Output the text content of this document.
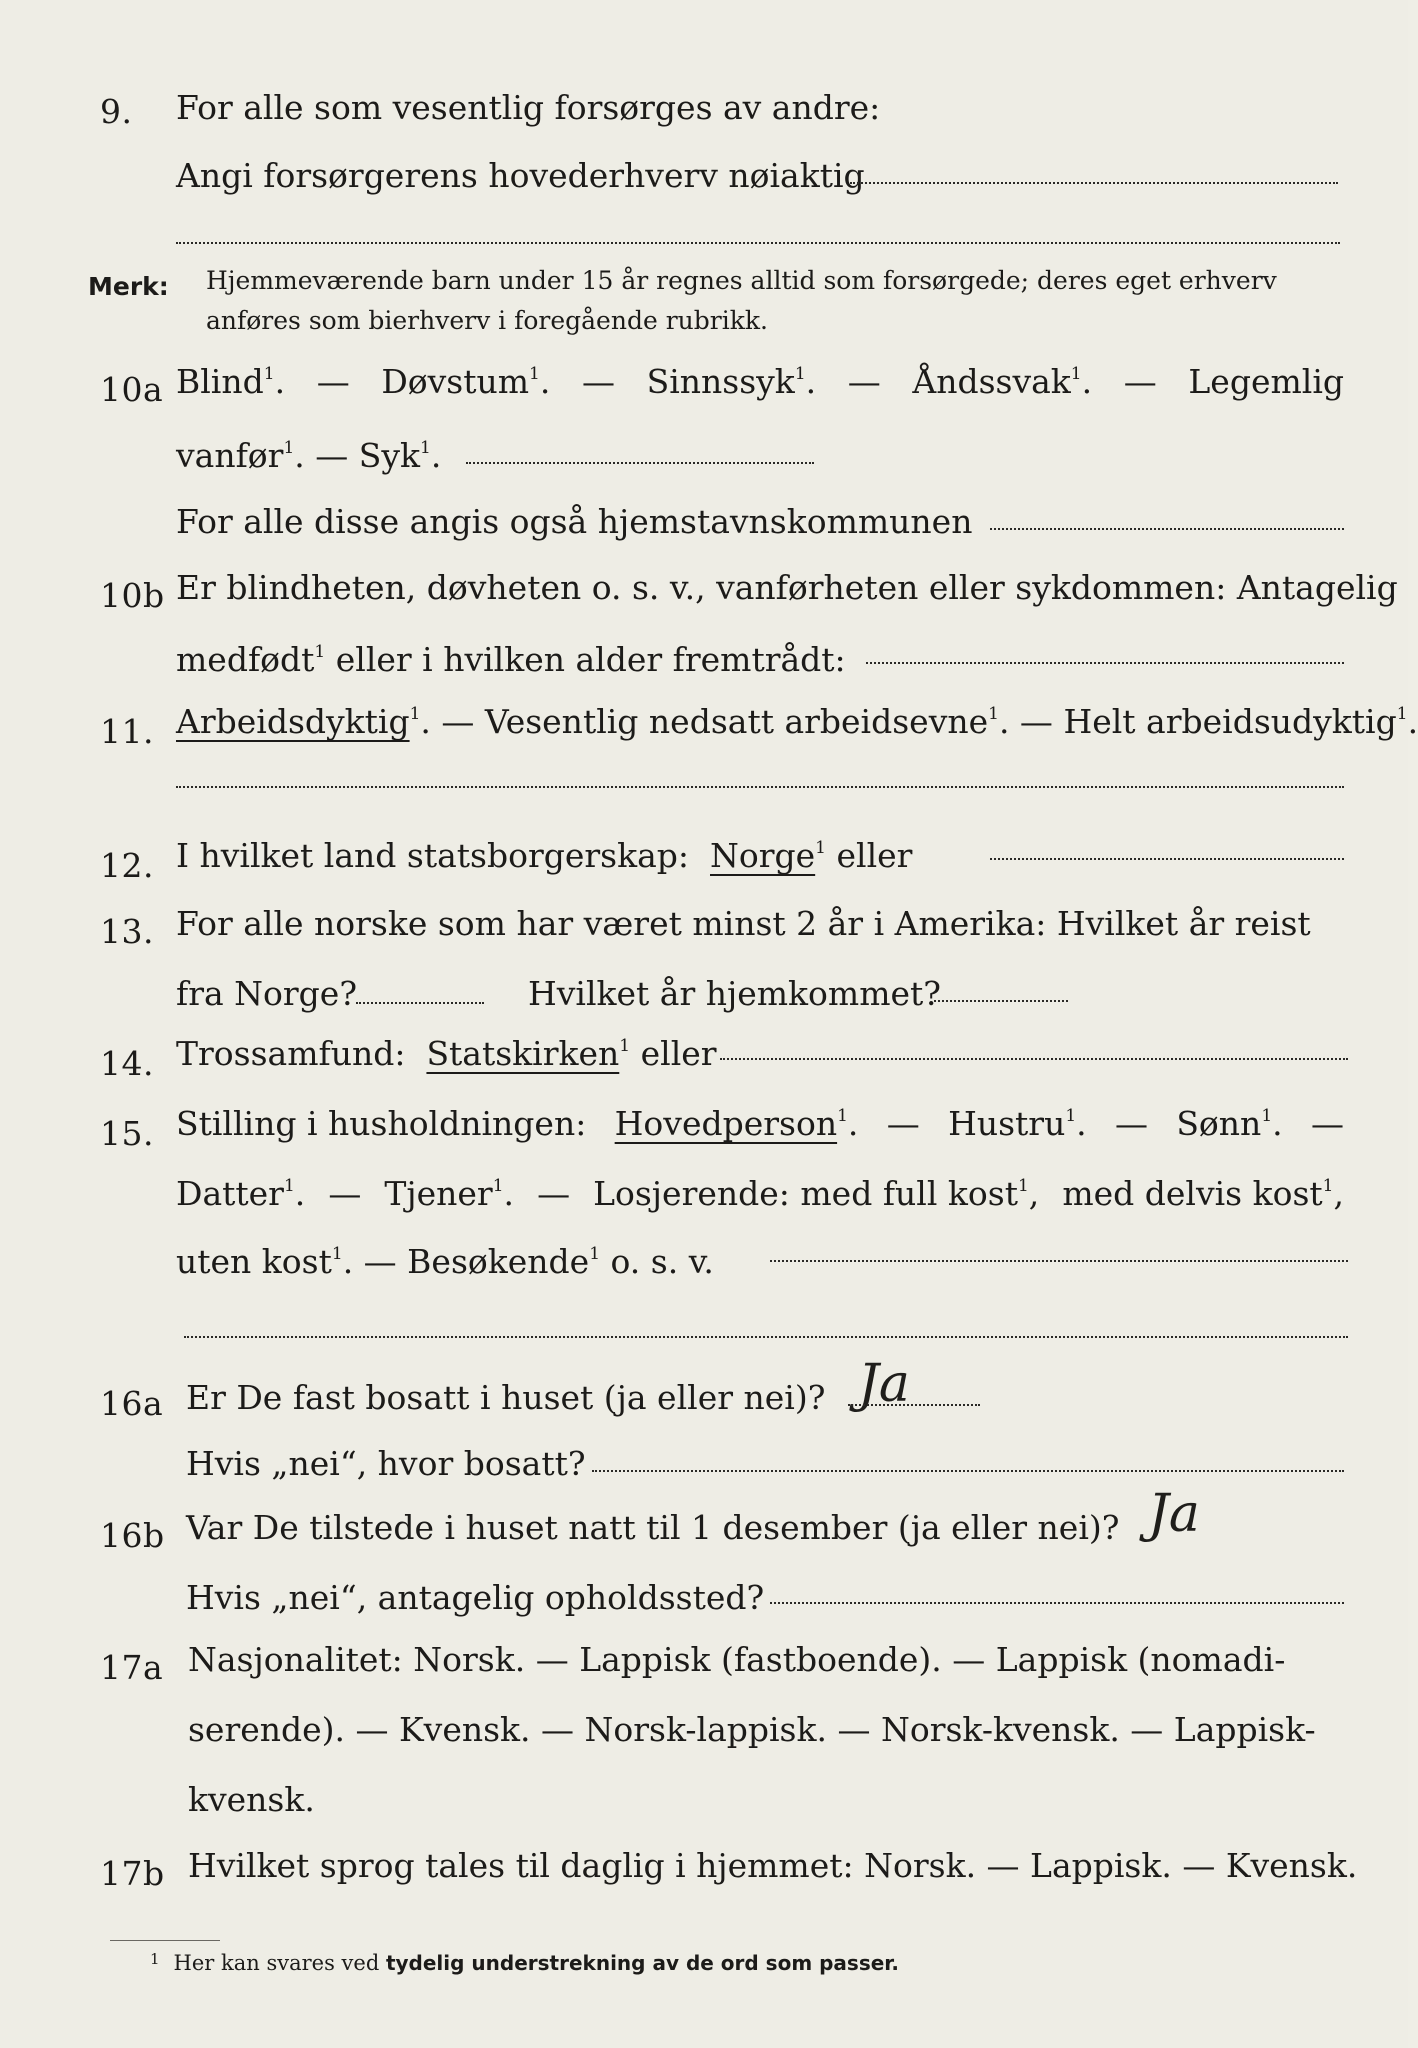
9.	For alle som vesentlig forsørges av andre:
Angi forsørgerens hovederhverv nøiaktig
Merk: Hjemmeværende barn under 15 år regnes alltid som forsørgede; deres eget erhverv
anføres som bierhverv i foregående rubrikk.
10a Blind$^1$. — Døvstum$^1$. — Sinnssyk$^1$. — Åndssvak$^1$. — Legemlig
vanfør$^1$. — Syk$^1$.
For alle disse angis også hjemstavnskommunen
10b Er blindheten, døvheten o. s. v., vanførheten eller sykdommen: Antagelig
medfødt$^1$ eller i hvilken alder fremtrådt:
11. Arbeidsdyktig$^1$. — Vesentlig nedsatt arbeidsevne$^1$. — Helt arbeidsudyktig$^1$.
12. I hvilket land statsborgerskap: Norge$^1$ eller
13. For alle norske som har været minst 2 år i Amerika: Hvilket år reist
fra Norge?	Hvilket år hjemkommet?
14. Trossamfund: Statskirken$^1$ eller
15. Stilling i husholdningen: Hovedperson$^1$. — Hustru$^1$. — Sønn$^1$. —
Datter$^1$. — Tjener$^1$. — Losjerende: med full kost$^1$, med delvis kost$^1$,
uten kost$^1$. — Besøkende$^1$ o. s. v.
16a Er De fast bosatt i huset (ja eller nei)? Ja
Hvis „nei“, hvor bosatt?
16b Var De tilstede i huset natt til 1 desember (ja eller nei)? Ja
Hvis „nei“, antagelig opholdssted?
17a Nasjonalitet: Norsk. — Lappisk (fastboende). — Lappisk (nomadi-
serende). — Kvensk. — Norsk-lappisk. — Norsk-kvensk. — Lappisk-
kvensk.
17b Hvilket sprog tales til daglig i hjemmet: Norsk. — Lappisk. — Kvensk.
$^1$ Her kan svares ved tydelig understrekning av de ord som passer.
